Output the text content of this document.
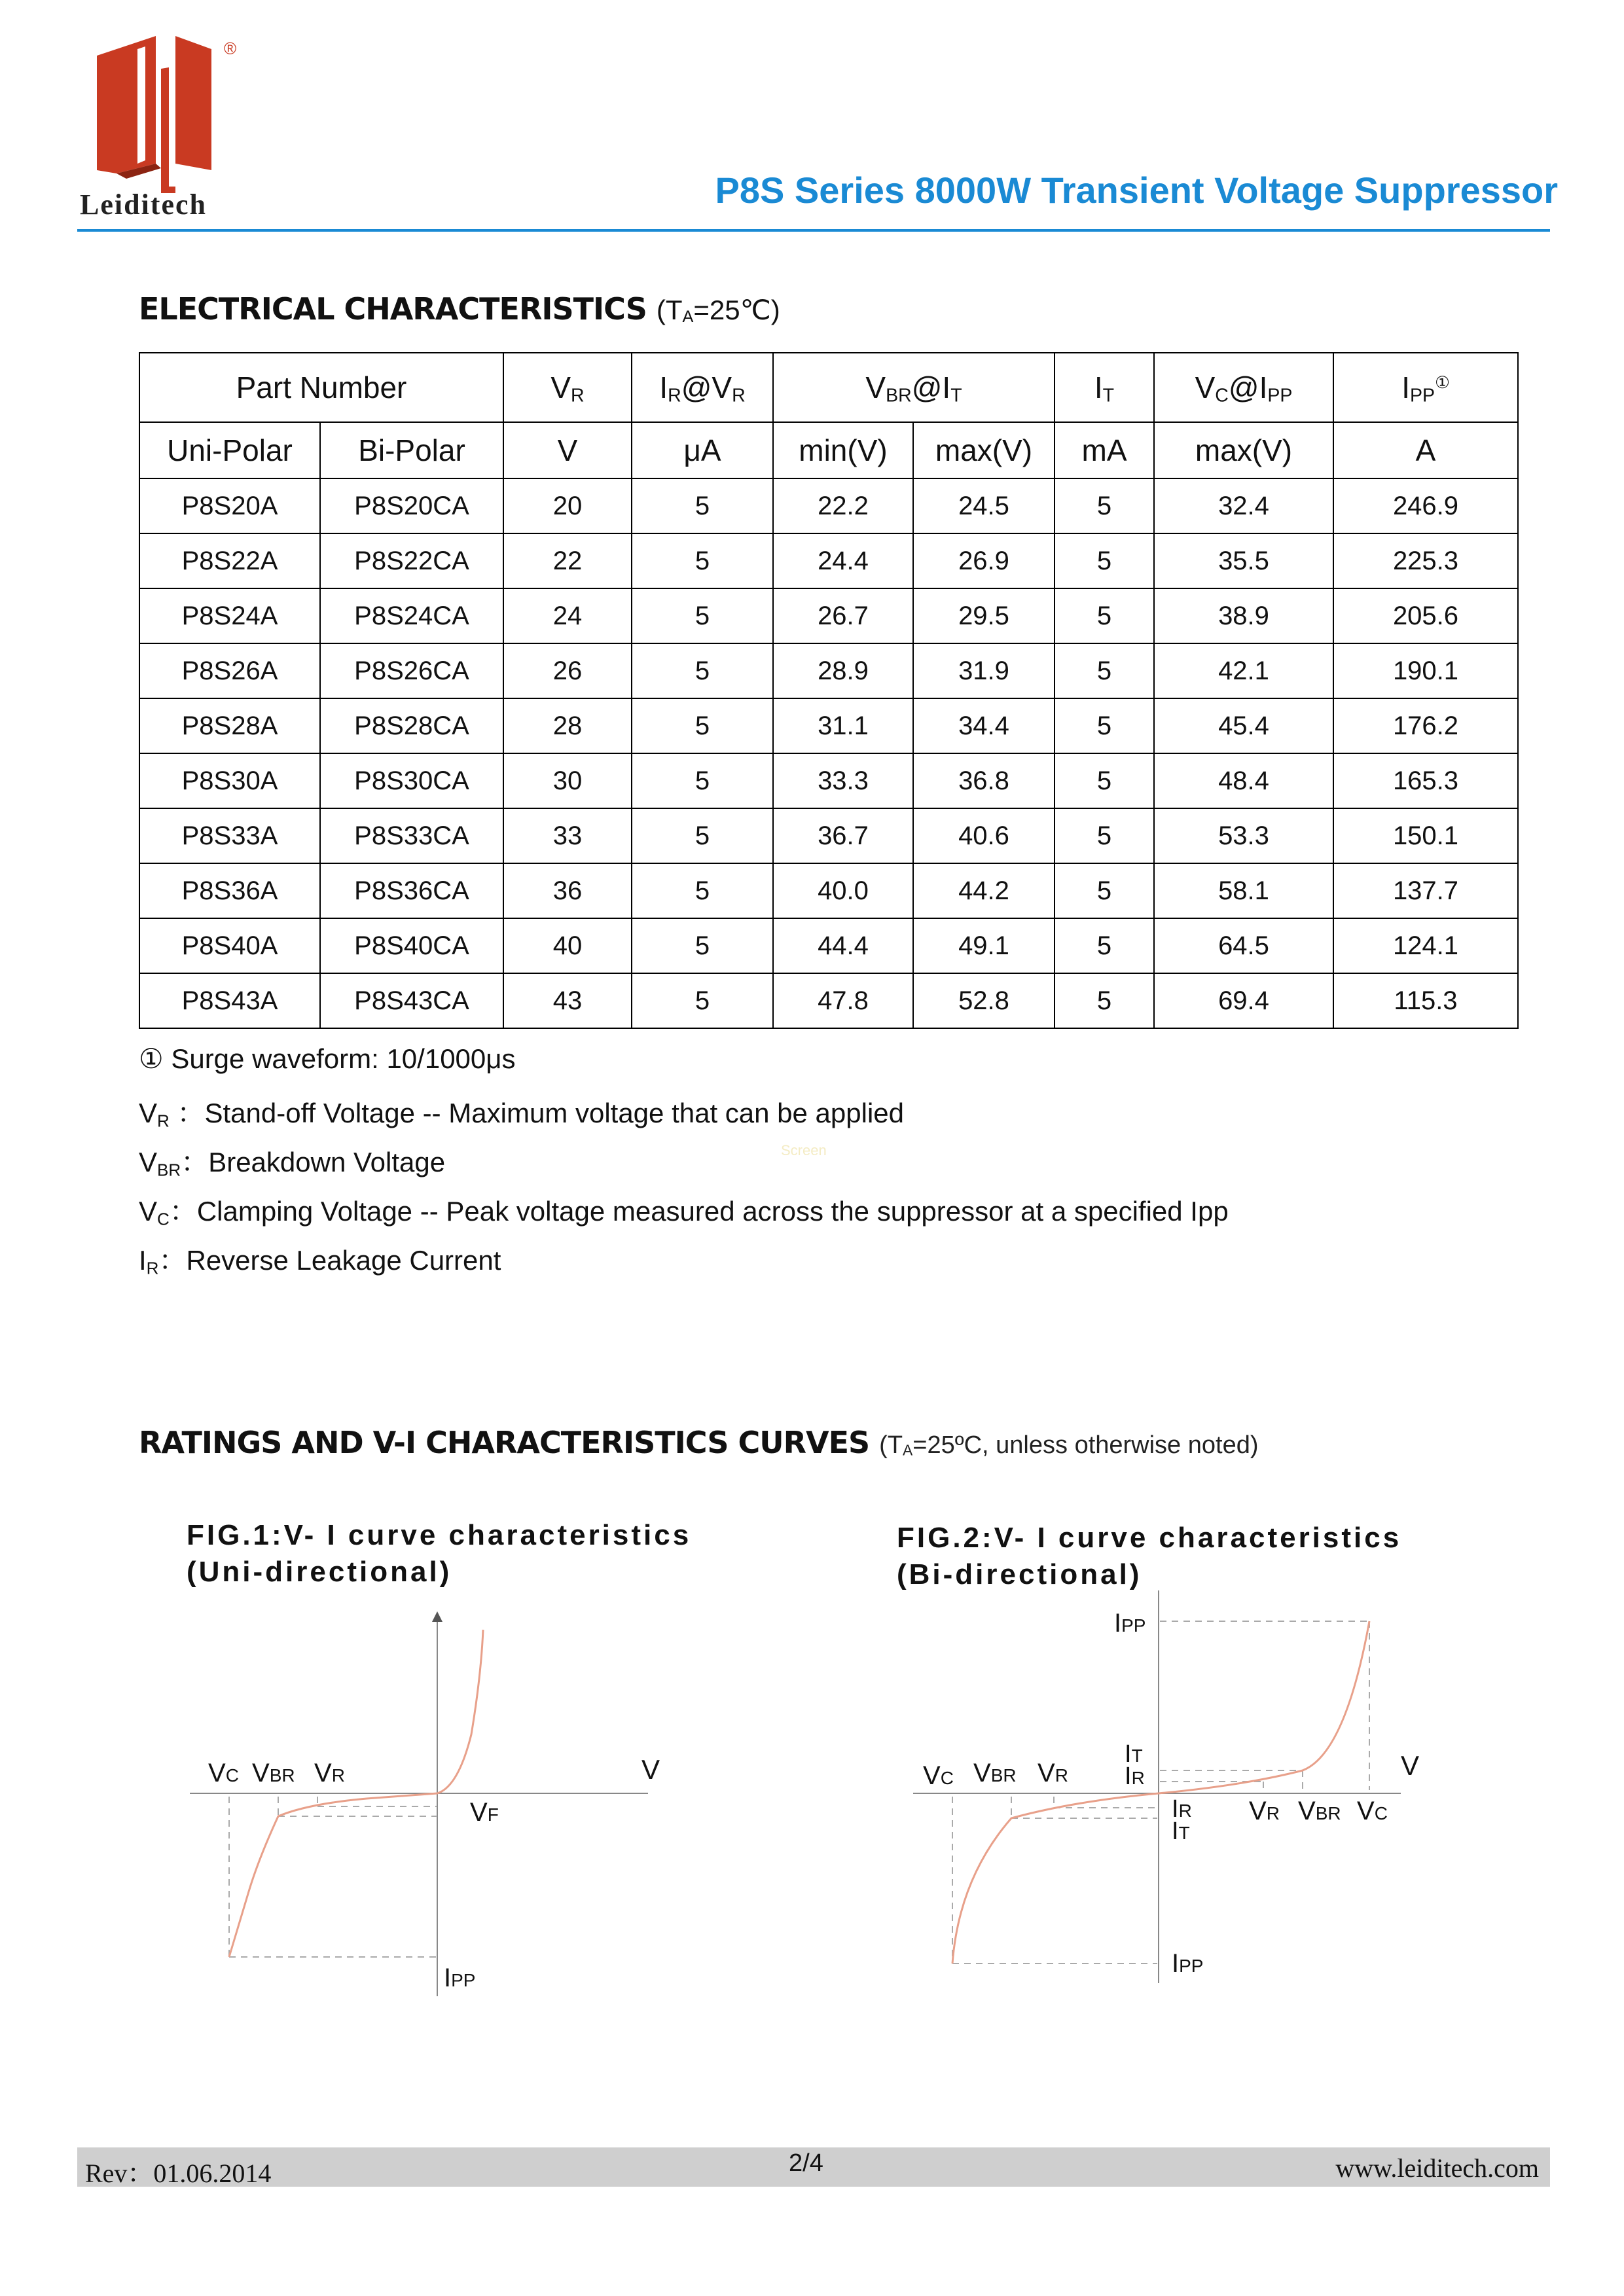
®
Leiditech	P8S Series 8000W Transient Voltage Suppressor
ELECTRICAL CHARACTERISTICS $(T_A=25℃)$
Part Number		$V_R$	$I_R@V_R$	$V_{BR}@I_T$		$I_T$	$V_C@I_{PP}$	$I_{PP}^①$
Uni-Polar	Bi-Polar	V	μA	min(V)	max(V)	mA	max(V)	A
P8S20A	P8S20CA	20	5	22.2	24.5	5	32.4	246.9
P8S22A	P8S22CA	22	5	24.4	26.9	5	35.5	225.3
P8S24A	P8S24CA	24	5	26.7	29.5	5	38.9	205.6
P8S26A	P8S26CA	26	5	28.9	31.9	5	42.1	190.1
P8S28A	P8S28CA	28	5	31.1	34.4	5	45.4	176.2
P8S30A	P8S30CA	30	5	33.3	36.8	5	48.4	165.3
P8S33A	P8S33CA	33	5	36.7	40.6	5	53.3	150.1
P8S36A	P8S36CA	36	5	40.0	44.2	5	58.1	137.7
P8S40A	P8S40CA	40	5	44.4	49.1	5	64.5	124.1
P8S43A	P8S43CA	43	5	47.8	52.8	5	69.4	115.3
① Surge waveform: 10/1000μs
$V_R$ ：Stand-off Voltage -- Maximum voltage that can be applied
$V_{BR}$：Breakdown Voltage	Screen
$V_C$：Clamping Voltage -- Peak voltage measured across the suppressor at a specified Ipp
$I_R$：Reverse Leakage Current
RATINGS AND V-I CHARACTERISTICS CURVES ($T_A=25ºC$, unless otherwise noted)
FIG.1:V- I curve characteristics
(Uni-directional)
VC VBR VR	V
VF
IPP
FIG.2:V- I curve characteristics
(Bi-directional)
IPP
IT
IR	V
VC VBR VR
IR
IT
VR VBR VC
IPP
Rev：01.06.2014	2/4	www.leiditech.com
